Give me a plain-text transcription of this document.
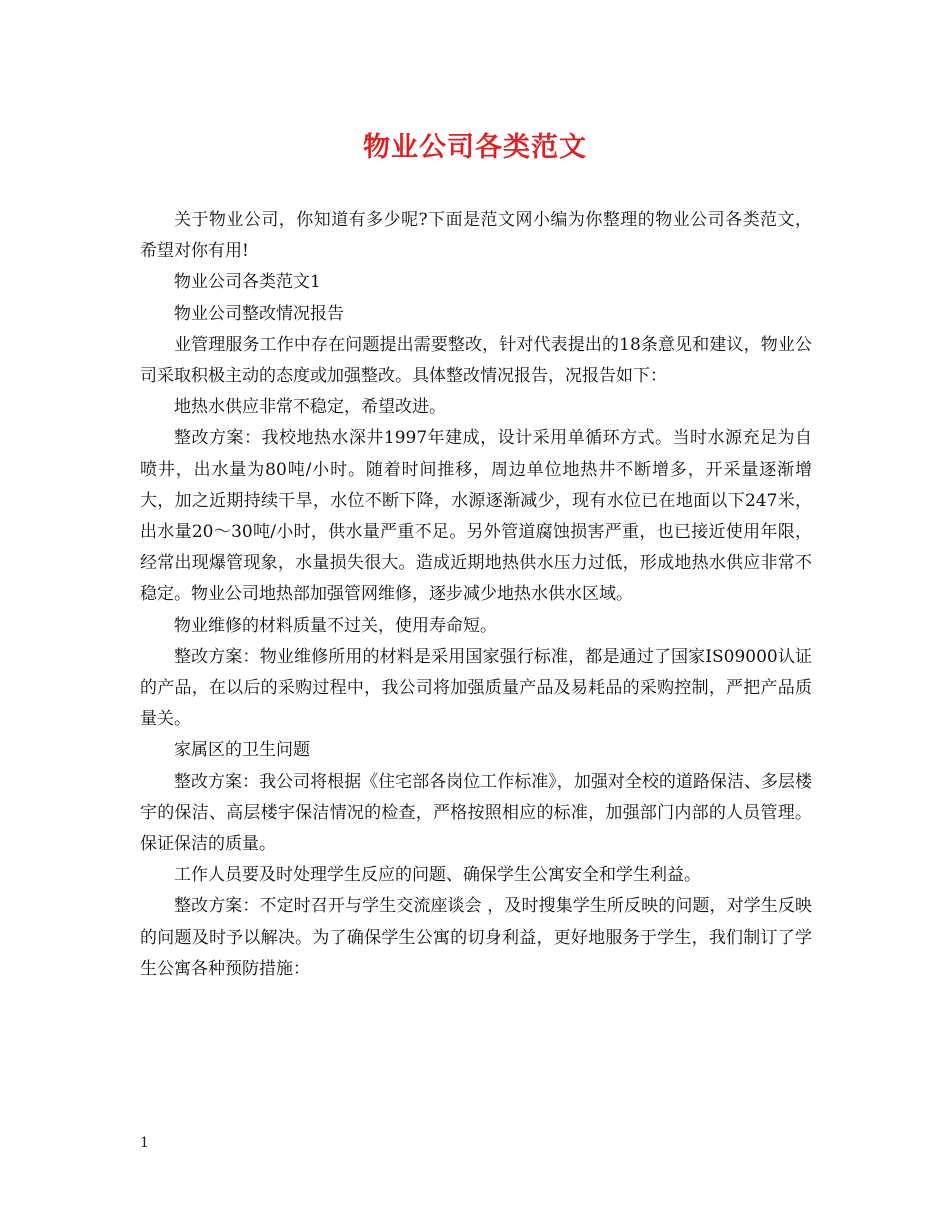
物业公司各类范文

关于物业公司，你知道有多少呢?下面是范文网小编为你整理的物业公司各类范文，希望对你有用!

物业公司各类范文1

物业公司整改情况报告

业管理服务工作中存在问题提出需要整改，针对代表提出的18条意见和建议，物业公司采取积极主动的态度或加强整改。具体整改情况报告，况报告如下：

地热水供应非常不稳定，希望改进。

整改方案：我校地热水深井1997年建成，设计采用单循环方式。当时水源充足为自喷井，出水量为80吨/小时。随着时间推移，周边单位地热井不断增多，开采量逐渐增大，加之近期持续干旱，水位不断下降，水源逐渐减少，现有水位已在地面以下247米，出水量20～30吨/小时，供水量严重不足。另外管道腐蚀损害严重，也已接近使用年限，经常出现爆管现象，水量损失很大。造成近期地热供水压力过低，形成地热水供应非常不稳定。物业公司地热部加强管网维修，逐步减少地热水供水区域。

物业维修的材料质量不过关，使用寿命短。

整改方案：物业维修所用的材料是采用国家强行标准，都是通过了国家IS09000认证的产品，在以后的采购过程中，我公司将加强质量产品及易耗品的采购控制，严把产品质量关。

家属区的卫生问题

整改方案：我公司将根据《住宅部各岗位工作标准》，加强对全校的道路保洁、多层楼宇的保洁、高层楼宇保洁情况的检查，严格按照相应的标准，加强部门内部的人员管理。保证保洁的质量。

工作人员要及时处理学生反应的问题、确保学生公寓安全和学生利益。

整改方案：不定时召开与学生交流座谈会 ，及时搜集学生所反映的问题，对学生反映的问题及时予以解决。为了确保学生公寓的切身利益，更好地服务于学生，我们制订了学生公寓各种预防措施：

1
